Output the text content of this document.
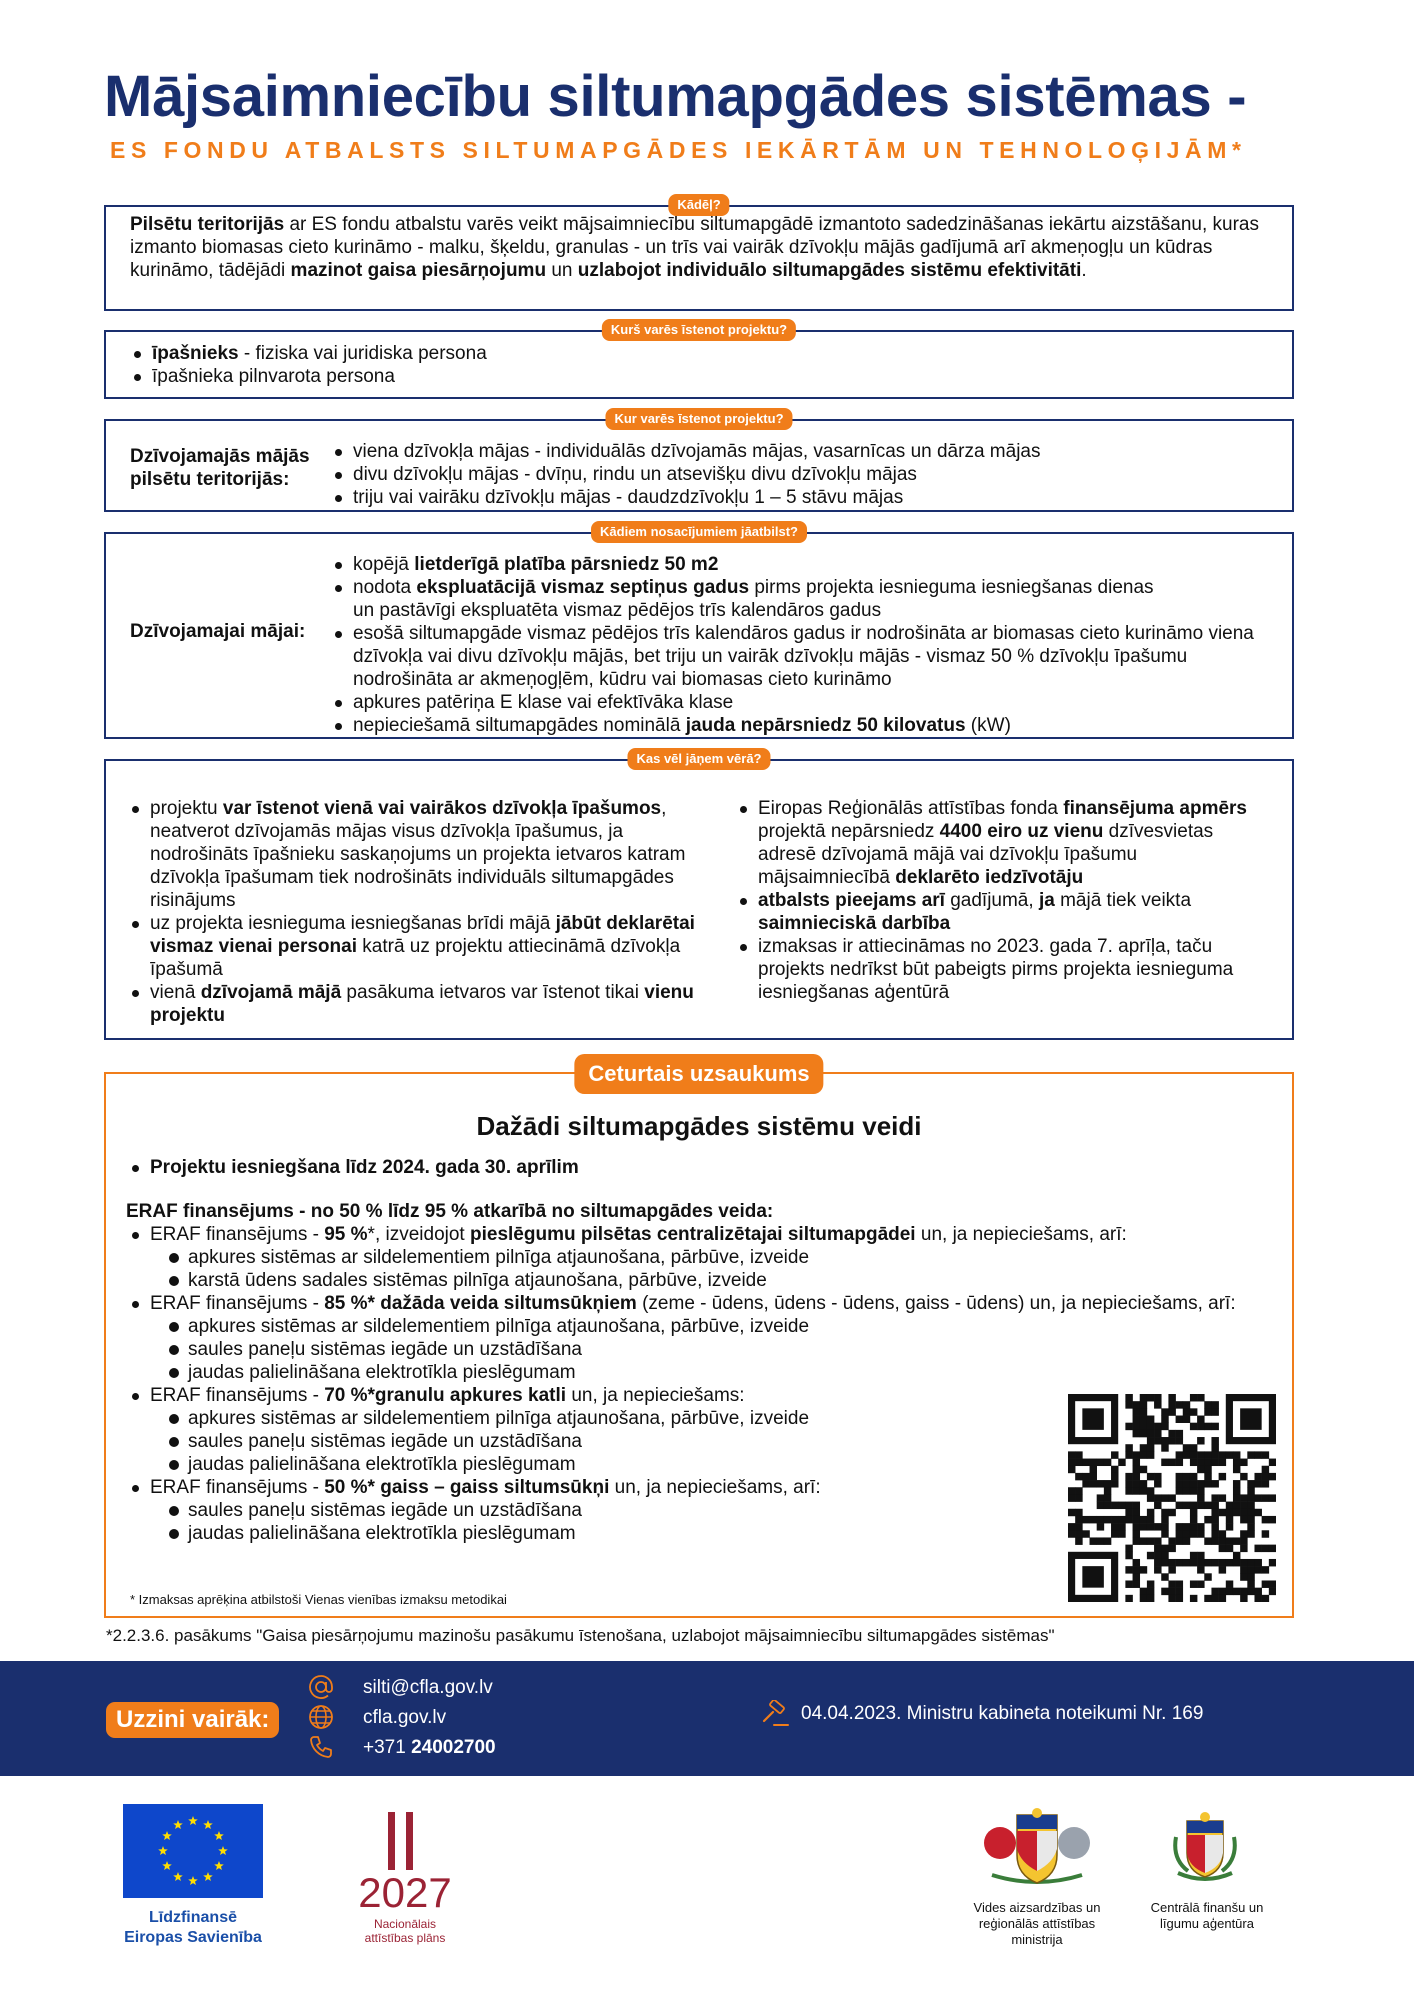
Mājsaimniecību siltumapgādes sistēmas -
ES FONDU ATBALSTS SILTUMAPGĀDES IEKĀRTĀM UN TEHNOLOĢIJĀM*
Kādēļ?
Pilsētu teritorijās ar ES fondu atbalstu varēs veikt mājsaimniecību siltumapgādē izmantoto sadedzināšanas iekārtu aizstāšanu, kuras izmanto biomasas cieto kurināmo - malku, šķeldu, granulas - un trīs vai vairāk dzīvokļu mājās gadījumā arī akmeņogļu un kūdras kurināmo, tādējādi mazinot gaisa piesārņojumu un uzlabojot individuālo siltumapgādes sistēmu efektivitāti.
Kurš varēs īstenot projektu?
īpašnieks - fiziska vai juridiska persona
īpašnieka pilnvarota persona
Kur varēs īstenot projektu?
Dzīvojamajās mājās
pilsētu teritorijās:
viena dzīvokļa mājas - individuālās dzīvojamās mājas, vasarnīcas un dārza mājas
divu dzīvokļu mājas - dvīņu, rindu un atsevišķu divu dzīvokļu mājas
triju vai vairāku dzīvokļu mājas - daudzdzīvokļu 1 – 5 stāvu mājas
Kādiem nosacījumiem jāatbilst?
Dzīvojamajai mājai:
kopējā lietderīgā platība pārsniedz 50 m2
nodota ekspluatācijā vismaz septiņus gadus pirms projekta iesnieguma iesniegšanas dienas un pastāvīgi ekspluatēta vismaz pēdējos trīs kalendāros gadus
esošā siltumapgāde vismaz pēdējos trīs kalendāros gadus ir nodrošināta ar biomasas cieto kurināmo viena dzīvokļa vai divu dzīvokļu mājās, bet triju un vairāk dzīvokļu mājās - vismaz 50 % dzīvokļu īpašumu nodrošināta ar akmeņogļēm, kūdru vai biomasas cieto kurināmo
apkures patēriņa E klase vai efektīvāka klase
nepieciešamā siltumapgādes nominālā jauda nepārsniedz 50 kilovatus (kW)
Kas vēl jāņem vērā?
projektu var īstenot vienā vai vairākos dzīvokļa īpašumos, neatverot dzīvojamās mājas visus dzīvokļa īpašumus, ja nodrošināts īpašnieku saskaņojums un projekta ietvaros katram dzīvokļa īpašumam tiek nodrošināts individuāls siltumapgādes risinājums
uz projekta iesnieguma iesniegšanas brīdi mājā jābūt deklarētai vismaz vienai personai katrā uz projektu attiecināmā dzīvokļa īpašumā
vienā dzīvojamā mājā pasākuma ietvaros var īstenot tikai vienu projektu
Eiropas Reģionālās attīstības fonda finansējuma apmērs projektā nepārsniedz 4400 eiro uz vienu dzīvesvietas adresē dzīvojamā mājā vai dzīvokļu īpašumu mājsaimniecībā deklarēto iedzīvotāju
atbalsts pieejams arī gadījumā, ja mājā tiek veikta saimnieciskā darbība
izmaksas ir attiecināmas no 2023. gada 7. aprīļa, taču projekts nedrīkst būt pabeigts pirms projekta iesnieguma iesniegšanas aģentūrā
Ceturtais uzsaukums
Dažādi siltumapgādes sistēmu veidi
Projektu iesniegšana līdz 2024. gada 30. aprīlim
ERAF finansējums - no 50 % līdz 95 % atkarībā no siltumapgādes veida:
ERAF finansējums - 95 %*, izveidojot pieslēgumu pilsētas centralizētajai siltumapgādei un, ja nepieciešams, arī:
apkures sistēmas ar sildelementiem pilnīga atjaunošana, pārbūve, izveide
karstā ūdens sadales sistēmas pilnīga atjaunošana, pārbūve, izveide
ERAF finansējums - 85 %* dažāda veida siltumsūkņiem (zeme - ūdens, ūdens - ūdens, gaiss - ūdens) un, ja nepieciešams, arī:
apkures sistēmas ar sildelementiem pilnīga atjaunošana, pārbūve, izveide
saules paneļu sistēmas iegāde un uzstādīšana
jaudas palielināšana elektrotīkla pieslēgumam
ERAF finansējums - 70 %*granulu apkures katli un, ja nepieciešams:
apkures sistēmas ar sildelementiem pilnīga atjaunošana, pārbūve, izveide
saules paneļu sistēmas iegāde un uzstādīšana
jaudas palielināšana elektrotīkla pieslēgumam
ERAF finansējums - 50 %* gaiss – gaiss siltumsūkņi un, ja nepieciešams, arī:
saules paneļu sistēmas iegāde un uzstādīšana
jaudas palielināšana elektrotīkla pieslēgumam
* Izmaksas aprēķina atbilstoši Vienas vienības izmaksu metodikai
*2.2.3.6. pasākums "Gaisa piesārņojumu mazinošu pasākumu īstenošana, uzlabojot mājsaimniecību siltumapgādes sistēmas"
Uzzini vairāk:
silti@cfla.gov.lv
cfla.gov.lv
+371 24002700
04.04.2023. Ministru kabineta noteikumi Nr. 169
Līdzfinansē
Eiropas Savienība
2027
Nacionālais
attīstības plāns
Vides aizsardzības un
reģionālās attīstības
ministrija
Centrālā finanšu un
līgumu aģentūra
